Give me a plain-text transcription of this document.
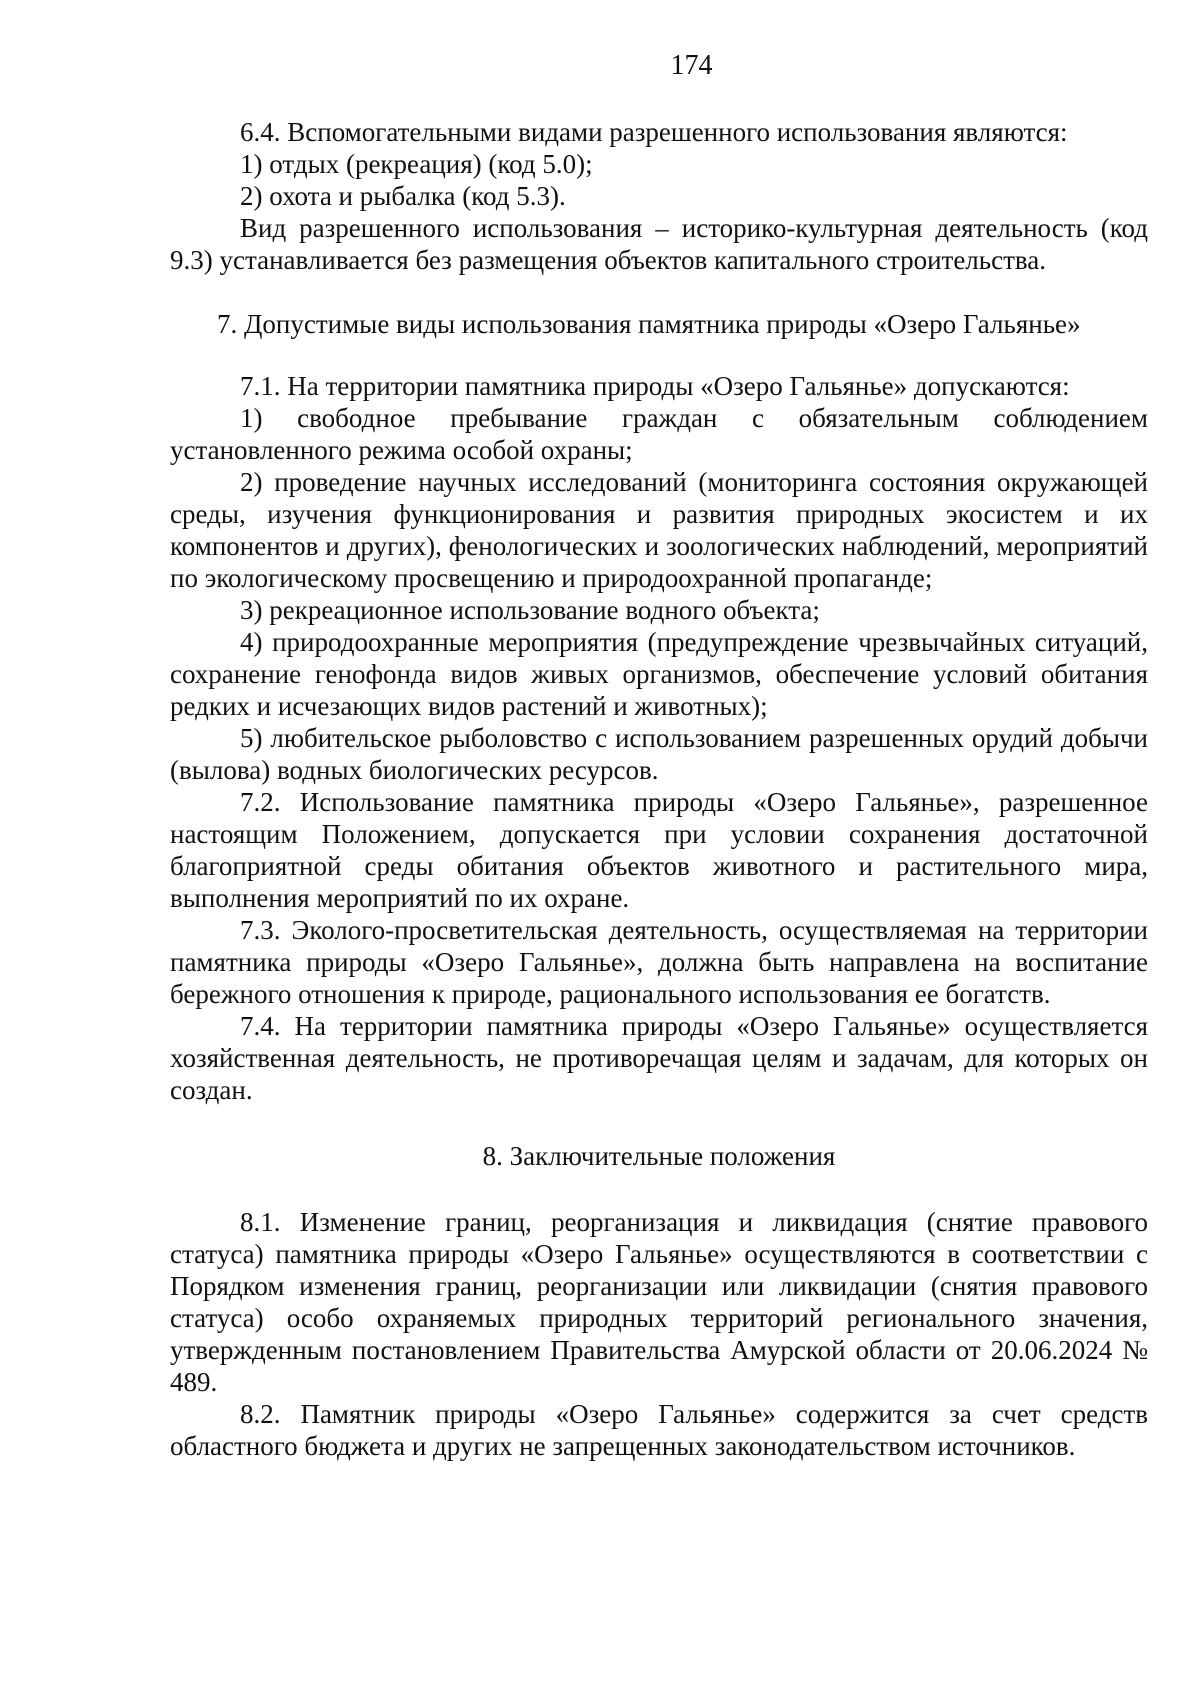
174

6.4. Вспомогательными видами разрешенного использования являются:

1) отдых (рекреация) (код 5.0);

2) охота и рыбалка (код 5.3).

Вид разрешенного использования – историко-культурная деятельность (код 9.3) устанавливается без размещения объектов капитального строительства.

7. Допустимые виды использования памятника природы «Озеро Гальянье»

7.1. На территории памятника природы «Озеро Гальянье» допускаются:

1) свободное пребывание граждан с обязательным соблюдением установленного режима особой охраны;

2) проведение научных исследований (мониторинга состояния окружающей среды, изучения функционирования и развития природных экосистем и их компонентов и других), фенологических и зоологических наблюдений, мероприятий по экологическому просвещению и природоохранной пропаганде;

3) рекреационное использование водного объекта;

4) природоохранные мероприятия (предупреждение чрезвычайных ситуаций, сохранение генофонда видов живых организмов, обеспечение условий обитания редких и исчезающих видов растений и животных);

5) любительское рыболовство с использованием разрешенных орудий добычи (вылова) водных биологических ресурсов.

7.2. Использование памятника природы «Озеро Гальянье», разрешенное настоящим Положением, допускается при условии сохранения достаточной благоприятной среды обитания объектов животного и растительного мира, выполнения мероприятий по их охране.

7.3. Эколого-просветительская деятельность, осуществляемая на территории памятника природы «Озеро Гальянье», должна быть направлена на воспитание бережного отношения к природе, рационального использования ее богатств.

7.4. На территории памятника природы «Озеро Гальянье» осуществляется хозяйственная деятельность, не противоречащая целям и задачам, для которых он создан.

8. Заключительные положения

8.1. Изменение границ, реорганизация и ликвидация (снятие правового статуса) памятника природы «Озеро Гальянье» осуществляются в соответствии с Порядком изменения границ, реорганизации или ликвидации (снятия правового статуса) особо охраняемых природных территорий регионального значения, утвержденным постановлением Правительства Амурской области от 20.06.2024 № 489.

8.2. Памятник природы «Озеро Гальянье» содержится за счет средств областного бюджета и других не запрещенных законодательством источников.
